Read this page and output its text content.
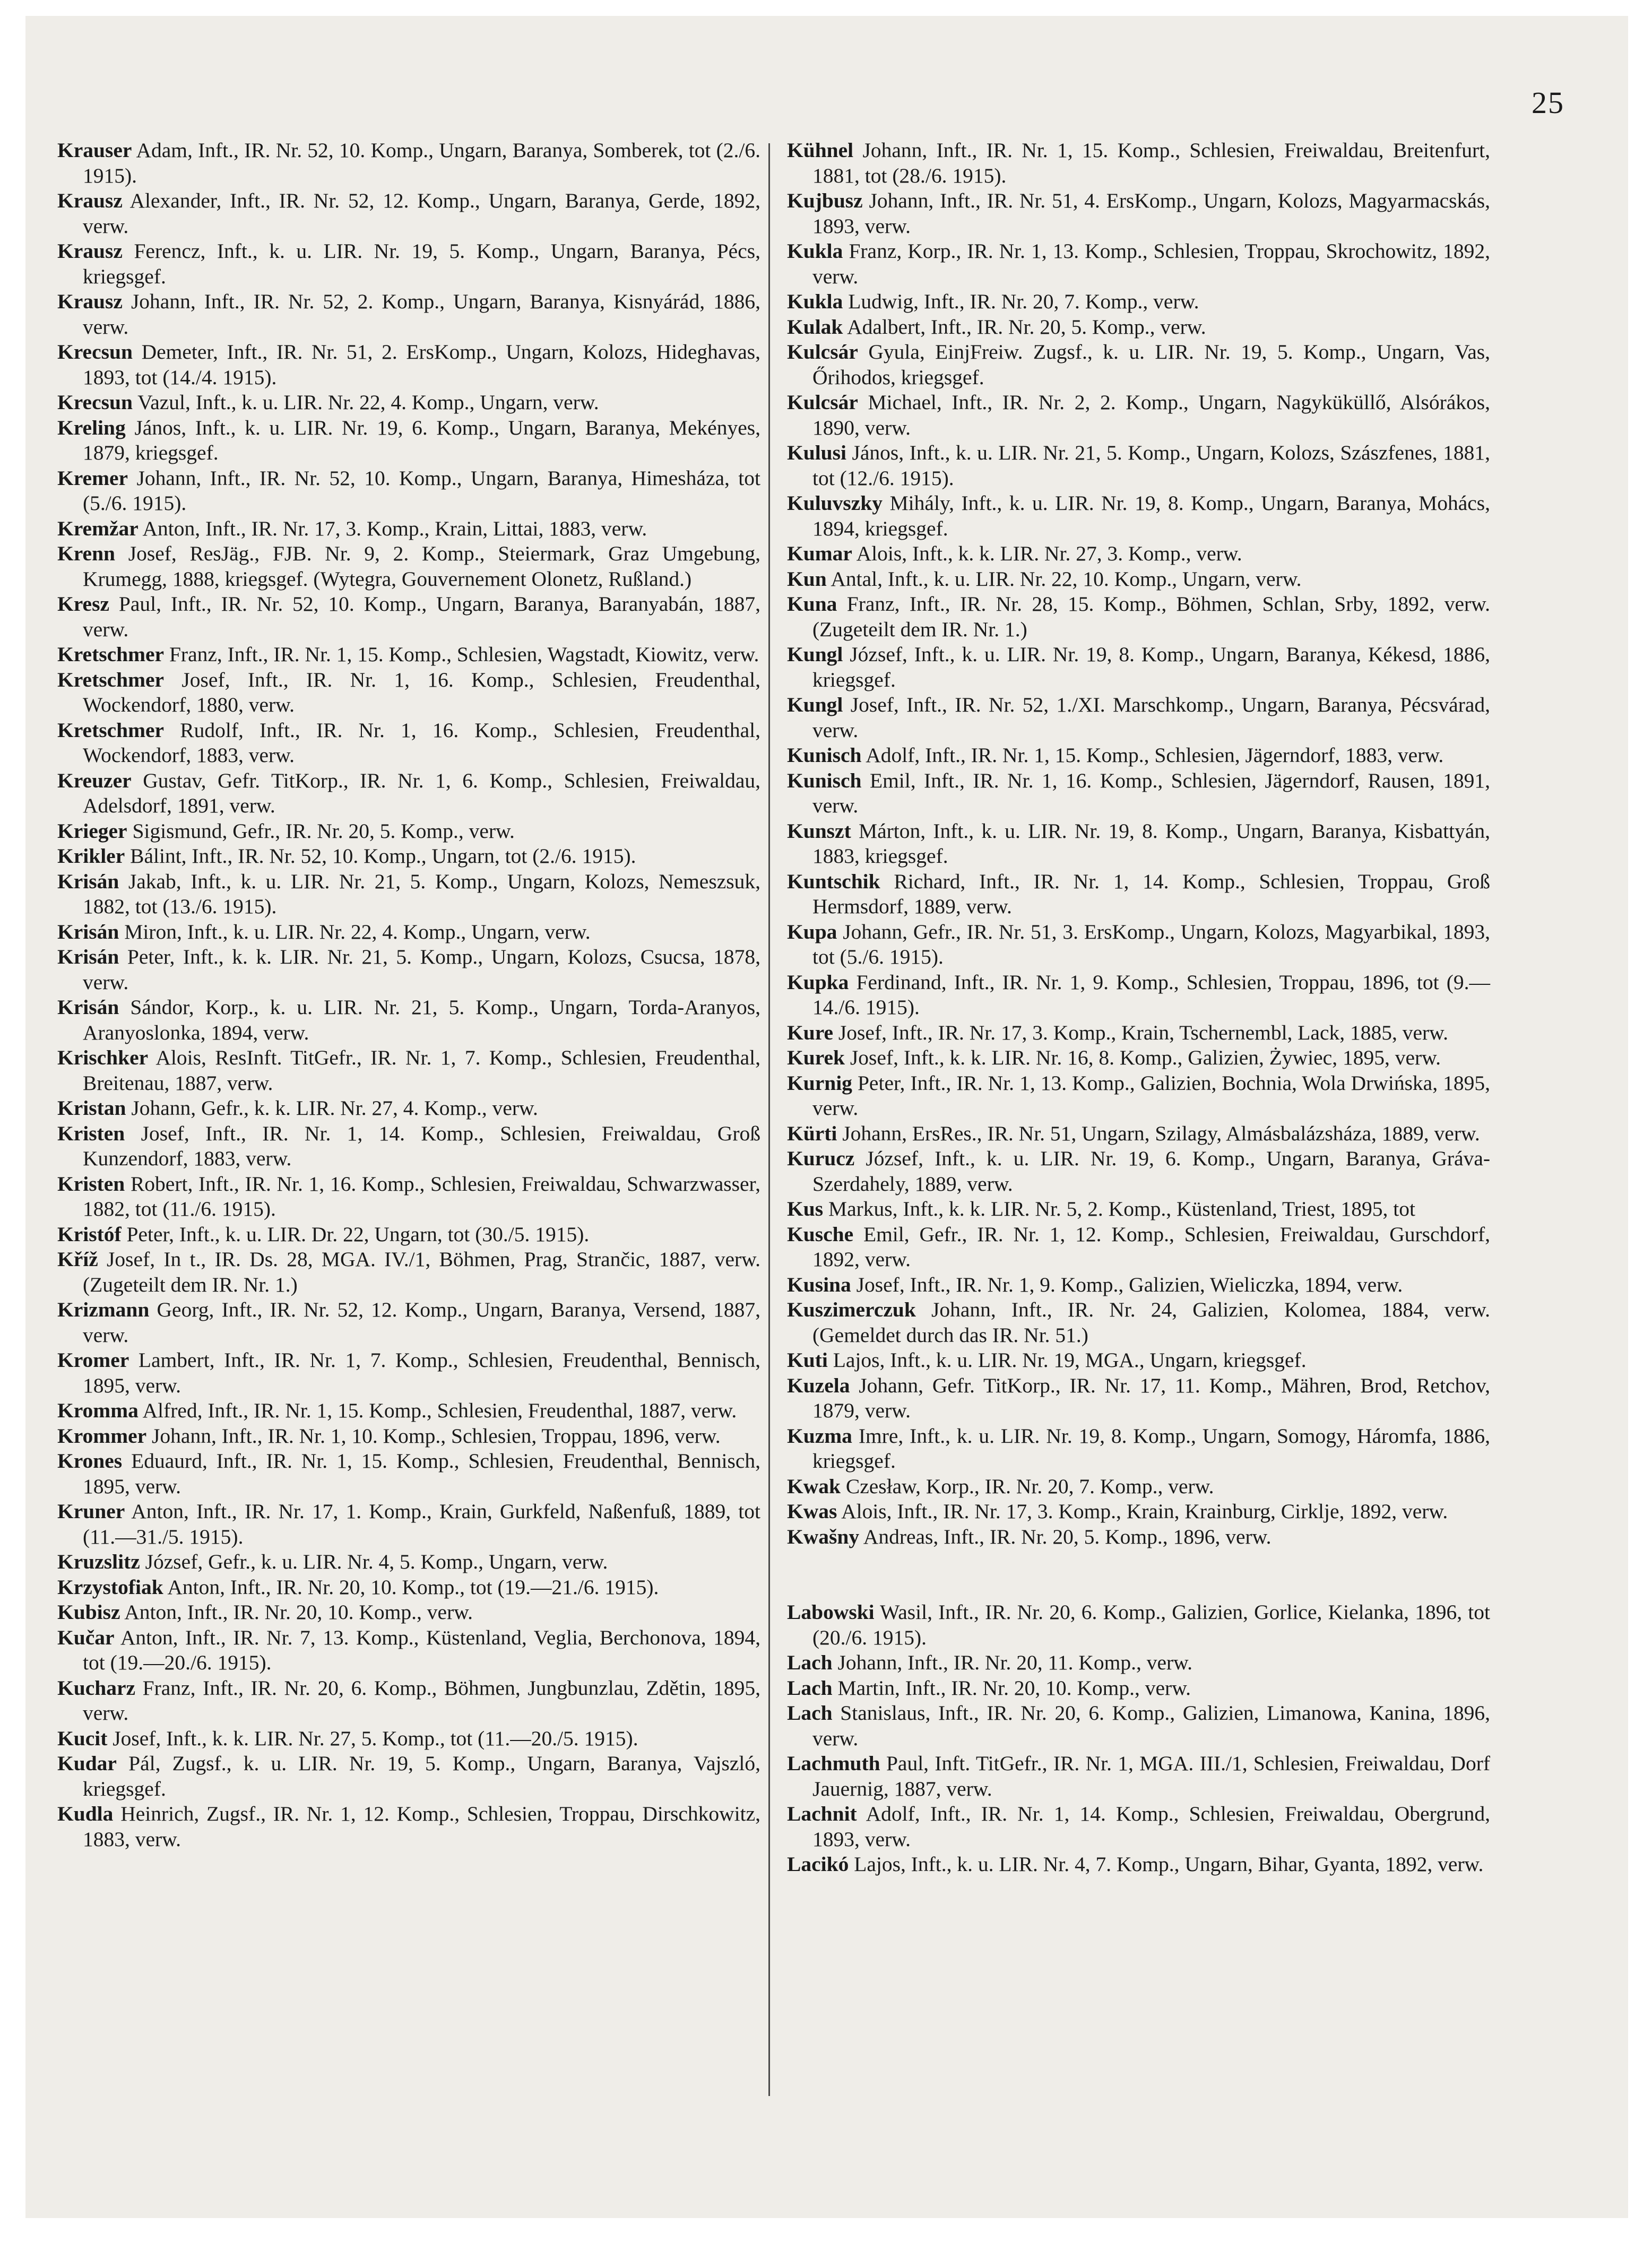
25
Krauser Adam, Inft., IR. Nr. 52, 10. Komp., Ungarn, Baranya, Somberek, tot (2./6. 1915).
Krausz Alexander, Inft., IR. Nr. 52, 12. Komp., Ungarn, Baranya, Gerde, 1892, verw.
Krausz Ferencz, Inft., k. u. LIR. Nr. 19, 5. Komp., Ungarn, Baranya, Pécs, kriegsgef.
Krausz Johann, Inft., IR. Nr. 52, 2. Komp., Ungarn, Baranya, Kisnyárád, 1886, verw.
Krecsun Demeter, Inft., IR. Nr. 51, 2. ErsKomp., Ungarn, Kolozs, Hideghavas, 1893, tot (14./4. 1915).
Krecsun Vazul, Inft., k. u. LIR. Nr. 22, 4. Komp., Ungarn, verw.
Kreling János, Inft., k. u. LIR. Nr. 19, 6. Komp., Ungarn, Baranya, Mekényes, 1879, kriegsgef.
Kremer Johann, Inft., IR. Nr. 52, 10. Komp., Ungarn, Baranya, Himesháza, tot (5./6. 1915).
Kremžar Anton, Inft., IR. Nr. 17, 3. Komp., Krain, Littai, 1883, verw.
Krenn Josef, ResJäg., FJB. Nr. 9, 2. Komp., Steiermark, Graz Umgebung, Krumegg, 1888, kriegsgef. (Wytegra, Gouvernement Olonetz, Rußland.)
Kresz Paul, Inft., IR. Nr. 52, 10. Komp., Ungarn, Baranya, Baranyabán, 1887, verw.
Kretschmer Franz, Inft., IR. Nr. 1, 15. Komp., Schlesien, Wagstadt, Kiowitz, verw.
Kretschmer Josef, Inft., IR. Nr. 1, 16. Komp., Schlesien, Freudenthal, Wockendorf, 1880, verw.
Kretschmer Rudolf, Inft., IR. Nr. 1, 16. Komp., Schlesien, Freudenthal, Wockendorf, 1883, verw.
Kreuzer Gustav, Gefr. TitKorp., IR. Nr. 1, 6. Komp., Schlesien, Freiwaldau, Adelsdorf, 1891, verw.
Krieger Sigismund, Gefr., IR. Nr. 20, 5. Komp., verw.
Krikler Bálint, Inft., IR. Nr. 52, 10. Komp., Ungarn, tot (2./6. 1915).
Krisán Jakab, Inft., k. u. LIR. Nr. 21, 5. Komp., Ungarn, Kolozs, Nemeszsuk, 1882, tot (13./6. 1915).
Krisán Miron, Inft., k. u. LIR. Nr. 22, 4. Komp., Ungarn, verw.
Krisán Peter, Inft., k. k. LIR. Nr. 21, 5. Komp., Ungarn, Kolozs, Csucsa, 1878, verw.
Krisán Sándor, Korp., k. u. LIR. Nr. 21, 5. Komp., Ungarn, Torda-Aranyos, Aranyoslonka, 1894, verw.
Krischker Alois, ResInft. TitGefr., IR. Nr. 1, 7. Komp., Schlesien, Freudenthal, Breitenau, 1887, verw.
Kristan Johann, Gefr., k. k. LIR. Nr. 27, 4. Komp., verw.
Kristen Josef, Inft., IR. Nr. 1, 14. Komp., Schlesien, Freiwaldau, Groß Kunzendorf, 1883, verw.
Kristen Robert, Inft., IR. Nr. 1, 16. Komp., Schlesien, Freiwaldau, Schwarzwasser, 1882, tot (11./6. 1915).
Kristóf Peter, Inft., k. u. LIR. Dr. 22, Ungarn, tot (30./5. 1915).
Kříž Josef, In t., IR. Ds. 28, MGA. IV./1, Böhmen, Prag, Strančic, 1887, verw. (Zugeteilt dem IR. Nr. 1.)
Krizmann Georg, Inft., IR. Nr. 52, 12. Komp., Ungarn, Baranya, Versend, 1887, verw.
Kromer Lambert, Inft., IR. Nr. 1, 7. Komp., Schlesien, Freudenthal, Bennisch, 1895, verw.
Kromma Alfred, Inft., IR. Nr. 1, 15. Komp., Schlesien, Freudenthal, 1887, verw.
Krommer Johann, Inft., IR. Nr. 1, 10. Komp., Schlesien, Troppau, 1896, verw.
Krones Eduaurd, Inft., IR. Nr. 1, 15. Komp., Schlesien, Freudenthal, Bennisch, 1895, verw.
Kruner Anton, Inft., IR. Nr. 17, 1. Komp., Krain, Gurkfeld, Naßenfuß, 1889, tot (11.—31./5. 1915).
Kruzslitz József, Gefr., k. u. LIR. Nr. 4, 5. Komp., Ungarn, verw.
Krzystofiak Anton, Inft., IR. Nr. 20, 10. Komp., tot (19.—21./6. 1915).
Kubisz Anton, Inft., IR. Nr. 20, 10. Komp., verw.
Kučar Anton, Inft., IR. Nr. 7, 13. Komp., Küstenland, Veglia, Berchonova, 1894, tot (19.—20./6. 1915).
Kucharz Franz, Inft., IR. Nr. 20, 6. Komp., Böhmen, Jungbunzlau, Zdětin, 1895, verw.
Kucit Josef, Inft., k. k. LIR. Nr. 27, 5. Komp., tot (11.—20./5. 1915).
Kudar Pál, Zugsf., k. u. LIR. Nr. 19, 5. Komp., Ungarn, Baranya, Vajszló, kriegsgef.
Kudla Heinrich, Zugsf., IR. Nr. 1, 12. Komp., Schlesien, Troppau, Dirschkowitz, 1883, verw.
Kühnel Johann, Inft., IR. Nr. 1, 15. Komp., Schlesien, Freiwaldau, Breitenfurt, 1881, tot (28./6. 1915).
Kujbusz Johann, Inft., IR. Nr. 51, 4. ErsKomp., Ungarn, Kolozs, Magyarmacskás, 1893, verw.
Kukla Franz, Korp., IR. Nr. 1, 13. Komp., Schlesien, Troppau, Skrochowitz, 1892, verw.
Kukla Ludwig, Inft., IR. Nr. 20, 7. Komp., verw.
Kulak Adalbert, Inft., IR. Nr. 20, 5. Komp., verw.
Kulcsár Gyula, EinjFreiw. Zugsf., k. u. LIR. Nr. 19, 5. Komp., Ungarn, Vas, Őrihodos, kriegsgef.
Kulcsár Michael, Inft., IR. Nr. 2, 2. Komp., Ungarn, Nagyküküllő, Alsórákos, 1890, verw.
Kulusi János, Inft., k. u. LIR. Nr. 21, 5. Komp., Ungarn, Kolozs, Szászfenes, 1881, tot (12./6. 1915).
Kuluvszky Mihály, Inft., k. u. LIR. Nr. 19, 8. Komp., Ungarn, Baranya, Mohács, 1894, kriegsgef.
Kumar Alois, Inft., k. k. LIR. Nr. 27, 3. Komp., verw.
Kun Antal, Inft., k. u. LIR. Nr. 22, 10. Komp., Ungarn, verw.
Kuna Franz, Inft., IR. Nr. 28, 15. Komp., Böhmen, Schlan, Srby, 1892, verw. (Zugeteilt dem IR. Nr. 1.)
Kungl József, Inft., k. u. LIR. Nr. 19, 8. Komp., Ungarn, Baranya, Kékesd, 1886, kriegsgef.
Kungl Josef, Inft., IR. Nr. 52, 1./XI. Marschkomp., Ungarn, Baranya, Pécsvárad, verw.
Kunisch Adolf, Inft., IR. Nr. 1, 15. Komp., Schlesien, Jägerndorf, 1883, verw.
Kunisch Emil, Inft., IR. Nr. 1, 16. Komp., Schlesien, Jägerndorf, Rausen, 1891, verw.
Kunszt Márton, Inft., k. u. LIR. Nr. 19, 8. Komp., Ungarn, Baranya, Kisbattyán, 1883, kriegsgef.
Kuntschik Richard, Inft., IR. Nr. 1, 14. Komp., Schlesien, Troppau, Groß Hermsdorf, 1889, verw.
Kupa Johann, Gefr., IR. Nr. 51, 3. ErsKomp., Ungarn, Kolozs, Magyarbikal, 1893, tot (5./6. 1915).
Kupka Ferdinand, Inft., IR. Nr. 1, 9. Komp., Schlesien, Troppau, 1896, tot (9.—14./6. 1915).
Kure Josef, Inft., IR. Nr. 17, 3. Komp., Krain, Tschernembl, Lack, 1885, verw.
Kurek Josef, Inft., k. k. LIR. Nr. 16, 8. Komp., Galizien, Żywiec, 1895, verw.
Kurnig Peter, Inft., IR. Nr. 1, 13. Komp., Galizien, Bochnia, Wola Drwińska, 1895, verw.
Kürti Johann, ErsRes., IR. Nr. 51, Ungarn, Szilagy, Almásbalázsháza, 1889, verw.
Kurucz József, Inft., k. u. LIR. Nr. 19, 6. Komp., Ungarn, Baranya, Gráva-Szerdahely, 1889, verw.
Kus Markus, Inft., k. k. LIR. Nr. 5, 2. Komp., Küstenland, Triest, 1895, tot
Kusche Emil, Gefr., IR. Nr. 1, 12. Komp., Schlesien, Freiwaldau, Gurschdorf, 1892, verw.
Kusina Josef, Inft., IR. Nr. 1, 9. Komp., Galizien, Wieliczka, 1894, verw.
Kuszimerczuk Johann, Inft., IR. Nr. 24, Galizien, Kolomea, 1884, verw. (Gemeldet durch das IR. Nr. 51.)
Kuti Lajos, Inft., k. u. LIR. Nr. 19, MGA., Ungarn, kriegsgef.
Kuzela Johann, Gefr. TitKorp., IR. Nr. 17, 11. Komp., Mähren, Brod, Retchov, 1879, verw.
Kuzma Imre, Inft., k. u. LIR. Nr. 19, 8. Komp., Ungarn, Somogy, Háromfa, 1886, kriegsgef.
Kwak Czesław, Korp., IR. Nr. 20, 7. Komp., verw.
Kwas Alois, Inft., IR. Nr. 17, 3. Komp., Krain, Krainburg, Cirklje, 1892, verw.
Kwašny Andreas, Inft., IR. Nr. 20, 5. Komp., 1896, verw.
Labowski Wasil, Inft., IR. Nr. 20, 6. Komp., Galizien, Gorlice, Kielanka, 1896, tot (20./6. 1915).
Lach Johann, Inft., IR. Nr. 20, 11. Komp., verw.
Lach Martin, Inft., IR. Nr. 20, 10. Komp., verw.
Lach Stanislaus, Inft., IR. Nr. 20, 6. Komp., Galizien, Limanowa, Kanina, 1896, verw.
Lachmuth Paul, Inft. TitGefr., IR. Nr. 1, MGA. III./1, Schlesien, Freiwaldau, Dorf Jauernig, 1887, verw.
Lachnit Adolf, Inft., IR. Nr. 1, 14. Komp., Schlesien, Freiwaldau, Obergrund, 1893, verw.
Lacikó Lajos, Inft., k. u. LIR. Nr. 4, 7. Komp., Ungarn, Bihar, Gyanta, 1892, verw.
